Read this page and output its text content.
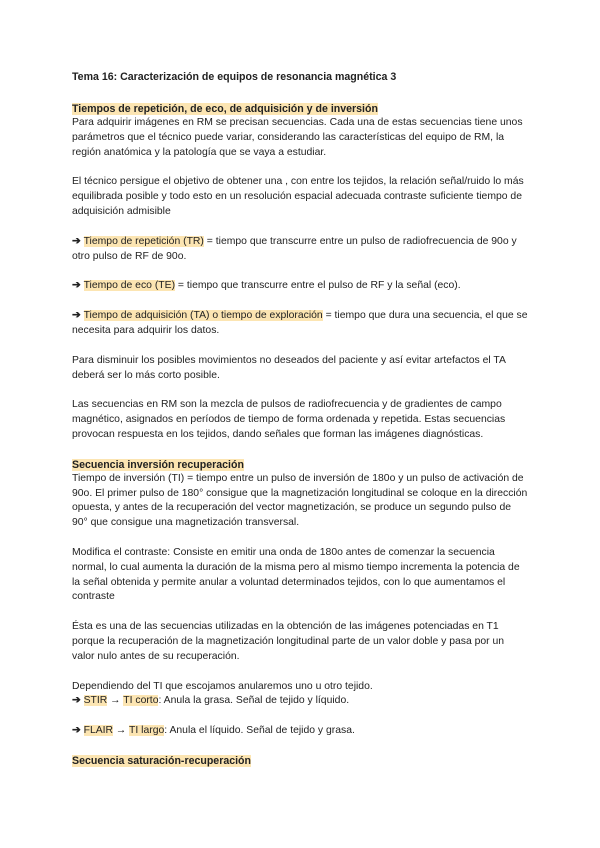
Tema 16: Caracterización de equipos de resonancia magnética 3
Tiempos de repetición, de eco, de adquisición y de inversión

Para adquirir imágenes en RM se precisan secuencias. Cada una de estas secuencias tiene unos parámetros que el técnico puede variar, considerando las características del equipo de RM, la región anatómica y la patología que se vaya a estudiar.

El técnico persigue el objetivo de obtener una , con entre los tejidos, la relación señal/ruido lo más equilibrada posible y todo esto en un resolución espacial adecuada contraste suficiente tiempo de adquisición admisible

➔ Tiempo de repetición (TR) = tiempo que transcurre entre un pulso de radiofrecuencia de 90o y otro pulso de RF de 90o.

➔ Tiempo de eco (TE) = tiempo que transcurre entre el pulso de RF y la señal (eco).

➔ Tiempo de adquisición (TA) o tiempo de exploración = tiempo que dura una secuencia, el que se necesita para adquirir los datos.

Para disminuir los posibles movimientos no deseados del paciente y así evitar artefactos el TA deberá ser lo más corto posible.

Las secuencias en RM son la mezcla de pulsos de radiofrecuencia y de gradientes de campo magnético, asignados en períodos de tiempo de forma ordenada y repetida. Estas secuencias provocan respuesta en los tejidos, dando señales que forman las imágenes diagnósticas.

Secuencia inversión recuperación

Tiempo de inversión (TI) = tiempo entre un pulso de inversión de 180o y un pulso de activación de 90o. El primer pulso de 180° consigue que la magnetización longitudinal se coloque en la dirección opuesta, y antes de la recuperación del vector magnetización, se produce un segundo pulso de 90° que consigue una magnetización transversal.

Modifica el contraste: Consiste en emitir una onda de 180o antes de comenzar la secuencia normal, lo cual aumenta la duración de la misma pero al mismo tiempo incrementa la potencia de la señal obtenida y permite anular a voluntad determinados tejidos, con lo que aumentamos el contraste

Ésta es una de las secuencias utilizadas en la obtención de las imágenes potenciadas en T1 porque la recuperación de la magnetización longitudinal parte de un valor doble y pasa por un valor nulo antes de su recuperación.

Dependiendo del TI que escojamos anularemos uno u otro tejido.

➔ STIR → TI corto: Anula la grasa. Señal de tejido y líquido.

➔ FLAIR → TI largo: Anula el líquido. Señal de tejido y grasa.

Secuencia saturación-recuperación
